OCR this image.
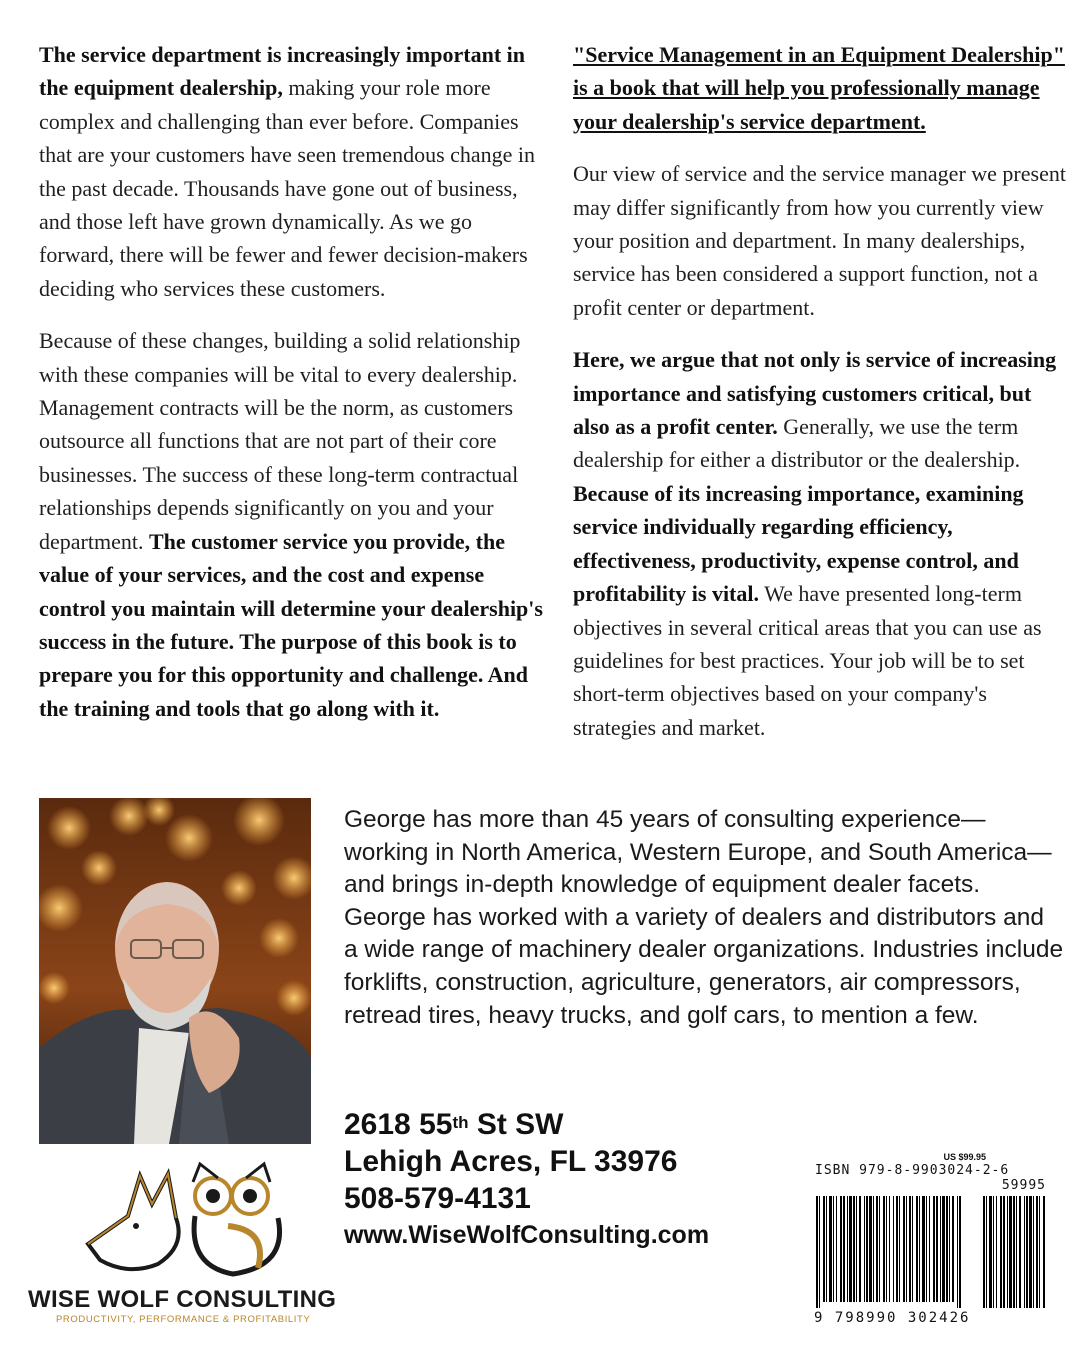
The service department is increasingly important in the equipment dealership, making your role more complex and challenging than ever before. Companies that are your customers have seen tremendous change in the past decade. Thousands have gone out of business, and those left have grown dynamically. As we go forward, there will be fewer and fewer decision-makers deciding who services these customers.

Because of these changes, building a solid relationship with these companies will be vital to every dealership. Management contracts will be the norm, as customers outsource all functions that are not part of their core businesses. The success of these long-term contractual relationships depends significantly on you and your department. The customer service you provide, the value of your services, and the cost and expense control you maintain will determine your dealership's success in the future. The purpose of this book is to prepare you for this opportunity and challenge. And the training and tools that go along with it.

"Service Management in an Equipment Dealership" is a book that will help you professionally manage your dealership's service department.

Our view of service and the service manager we present may differ significantly from how you currently view your position and department. In many dealerships, service has been considered a support function, not a profit center or department.

Here, we argue that not only is service of increasing importance and satisfying customers critical, but also as a profit center. Generally, we use the term dealership for either a distributor or the dealership. Because of its increasing importance, examining service individually regarding efficiency, effectiveness, productivity, expense control, and profitability is vital. We have presented long-term objectives in several critical areas that you can use as guidelines for best practices. Your job will be to set short-term objectives based on your company's strategies and market.

George has more than 45 years of consulting experience—working in North America, Western Europe, and South America—and brings in-depth knowledge of equipment dealer facets. George has worked with a variety of dealers and distributors and a wide range of machinery dealer organizations. Industries include forklifts, construction, agriculture, generators, air compressors, retread tires, heavy trucks, and golf cars, to mention a few.

2618 55th St SW
Lehigh Acres, FL 33976
508-579-4131
www.WiseWolfConsulting.com
WISE WOLF CONSULTING
PRODUCTIVITY, PERFORMANCE & PROFITABILITY
US $99.95
ISBN 979-8-9903024-2-6
59995
9 798990 302426
